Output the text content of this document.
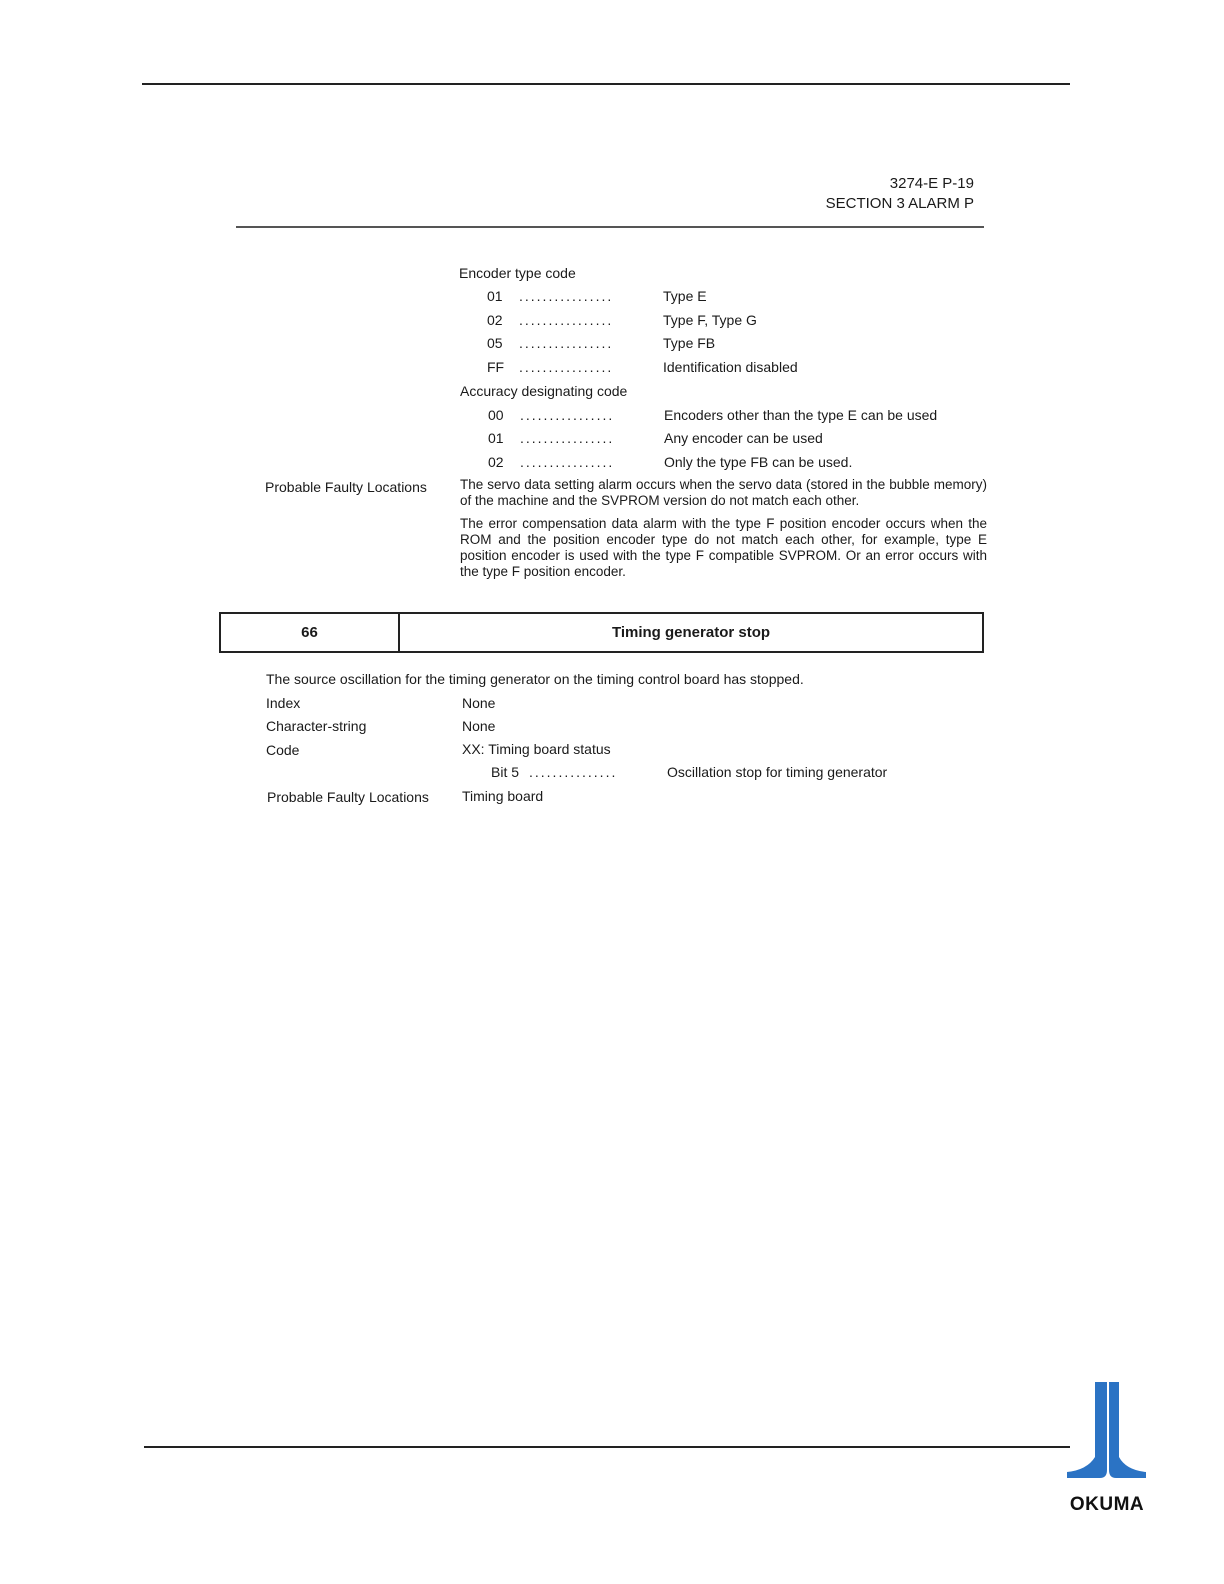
3274-E P-19
SECTION 3 ALARM P
Encoder type code
01 ................	Type E
02 ................	Type F, Type G
05 ................	Type FB
FF ................	Identification disabled
Accuracy designating code
00 ................	Encoders other than the type E can be used
01 ................	Any encoder can be used
02 ................	Only the type FB can be used.
Probable Faulty Locations The servo data setting alarm occurs when the servo data (stored in the bubble memory) of the machine and the SVPROM version do not match each other.
The error compensation data alarm with the type F position encoder occurs when the ROM and the position encoder type do not match each other, for example, type E position encoder is used with the type F compatible SVPROM. Or an error occurs with the type F position encoder.
66	Timing generator stop
The source oscillation for the timing generator on the timing control board has stopped.
Index	None
Character-string	None
Code	XX: Timing board status
Bit 5 ...............	Oscillation stop for timing generator
Probable Faulty Locations Timing board
OKUMA
